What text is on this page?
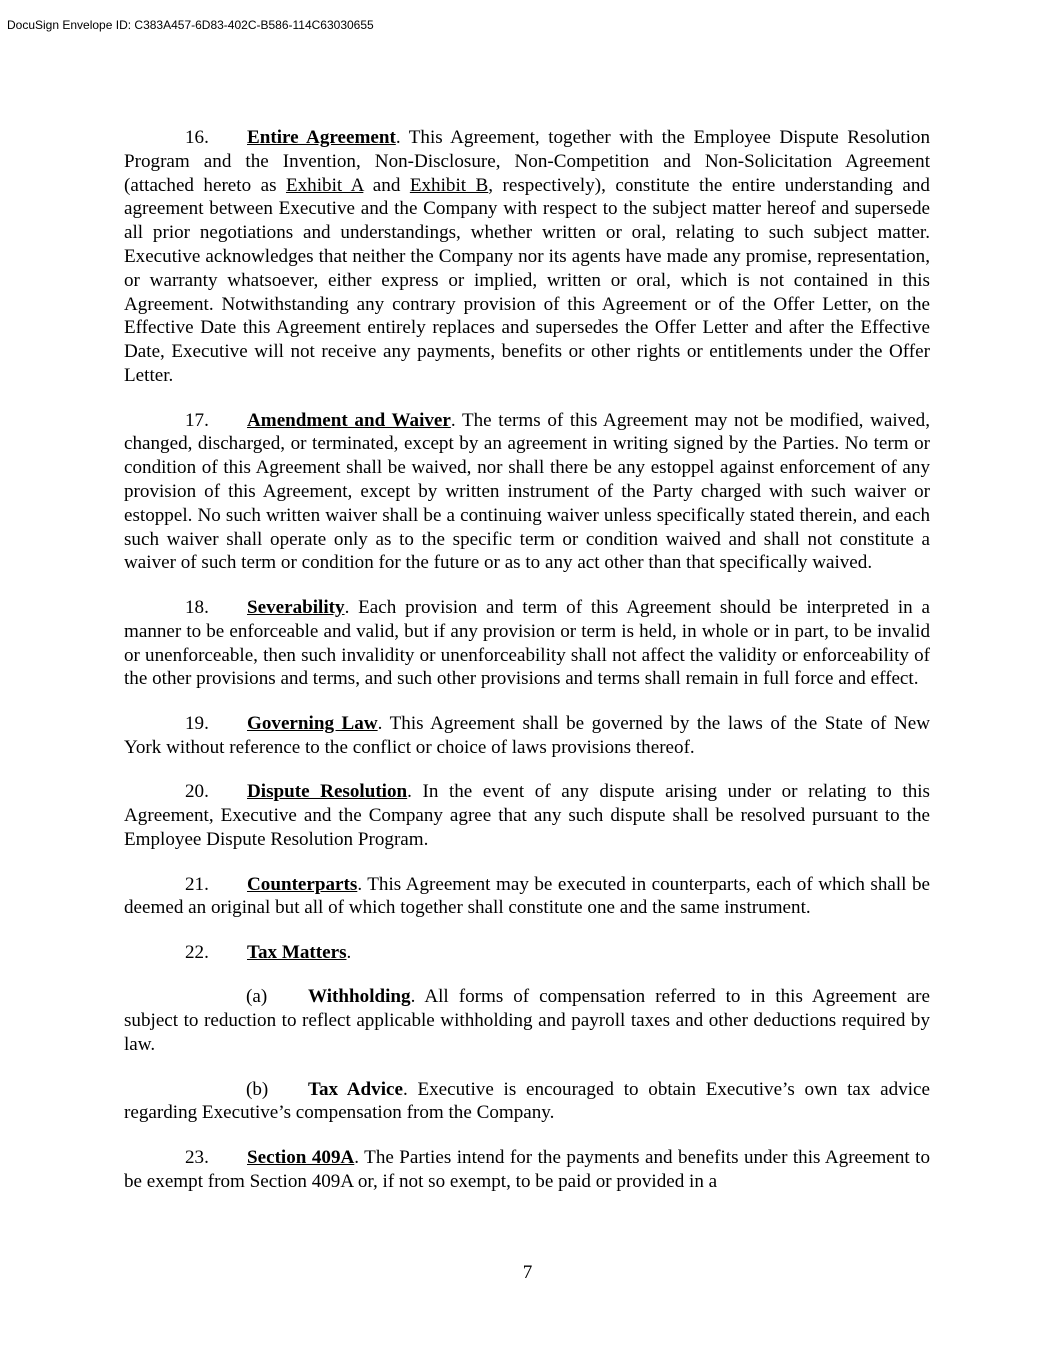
DocuSign Envelope ID: C383A457-6D83-402C-B586-114C63030655

16. Entire Agreement. This Agreement, together with the Employee Dispute Resolution Program and the Invention, Non-Disclosure, Non-Competition and Non-Solicitation Agreement (attached hereto as Exhibit A and Exhibit B, respectively), constitute the entire understanding and agreement between Executive and the Company with respect to the subject matter hereof and supersede all prior negotiations and understandings, whether written or oral, relating to such subject matter. Executive acknowledges that neither the Company nor its agents have made any promise, representation, or warranty whatsoever, either express or implied, written or oral, which is not contained in this Agreement. Notwithstanding any contrary provision of this Agreement or of the Offer Letter, on the Effective Date this Agreement entirely replaces and supersedes the Offer Letter and after the Effective Date, Executive will not receive any payments, benefits or other rights or entitlements under the Offer Letter.

17. Amendment and Waiver. The terms of this Agreement may not be modified, waived, changed, discharged, or terminated, except by an agreement in writing signed by the Parties. No term or condition of this Agreement shall be waived, nor shall there be any estoppel against enforcement of any provision of this Agreement, except by written instrument of the Party charged with such waiver or estoppel. No such written waiver shall be a continuing waiver unless specifically stated therein, and each such waiver shall operate only as to the specific term or condition waived and shall not constitute a waiver of such term or condition for the future or as to any act other than that specifically waived.

18. Severability. Each provision and term of this Agreement should be interpreted in a manner to be enforceable and valid, but if any provision or term is held, in whole or in part, to be invalid or unenforceable, then such invalidity or unenforceability shall not affect the validity or enforceability of the other provisions and terms, and such other provisions and terms shall remain in full force and effect.

19. Governing Law. This Agreement shall be governed by the laws of the State of New York without reference to the conflict or choice of laws provisions thereof.

20. Dispute Resolution. In the event of any dispute arising under or relating to this Agreement, Executive and the Company agree that any such dispute shall be resolved pursuant to the Employee Dispute Resolution Program.

21. Counterparts. This Agreement may be executed in counterparts, each of which shall be deemed an original but all of which together shall constitute one and the same instrument.

22. Tax Matters.

(a) Withholding. All forms of compensation referred to in this Agreement are subject to reduction to reflect applicable withholding and payroll taxes and other deductions required by law.

(b) Tax Advice. Executive is encouraged to obtain Executive’s own tax advice regarding Executive’s compensation from the Company.

23. Section 409A. The Parties intend for the payments and benefits under this Agreement to be exempt from Section 409A or, if not so exempt, to be paid or provided in a

7
